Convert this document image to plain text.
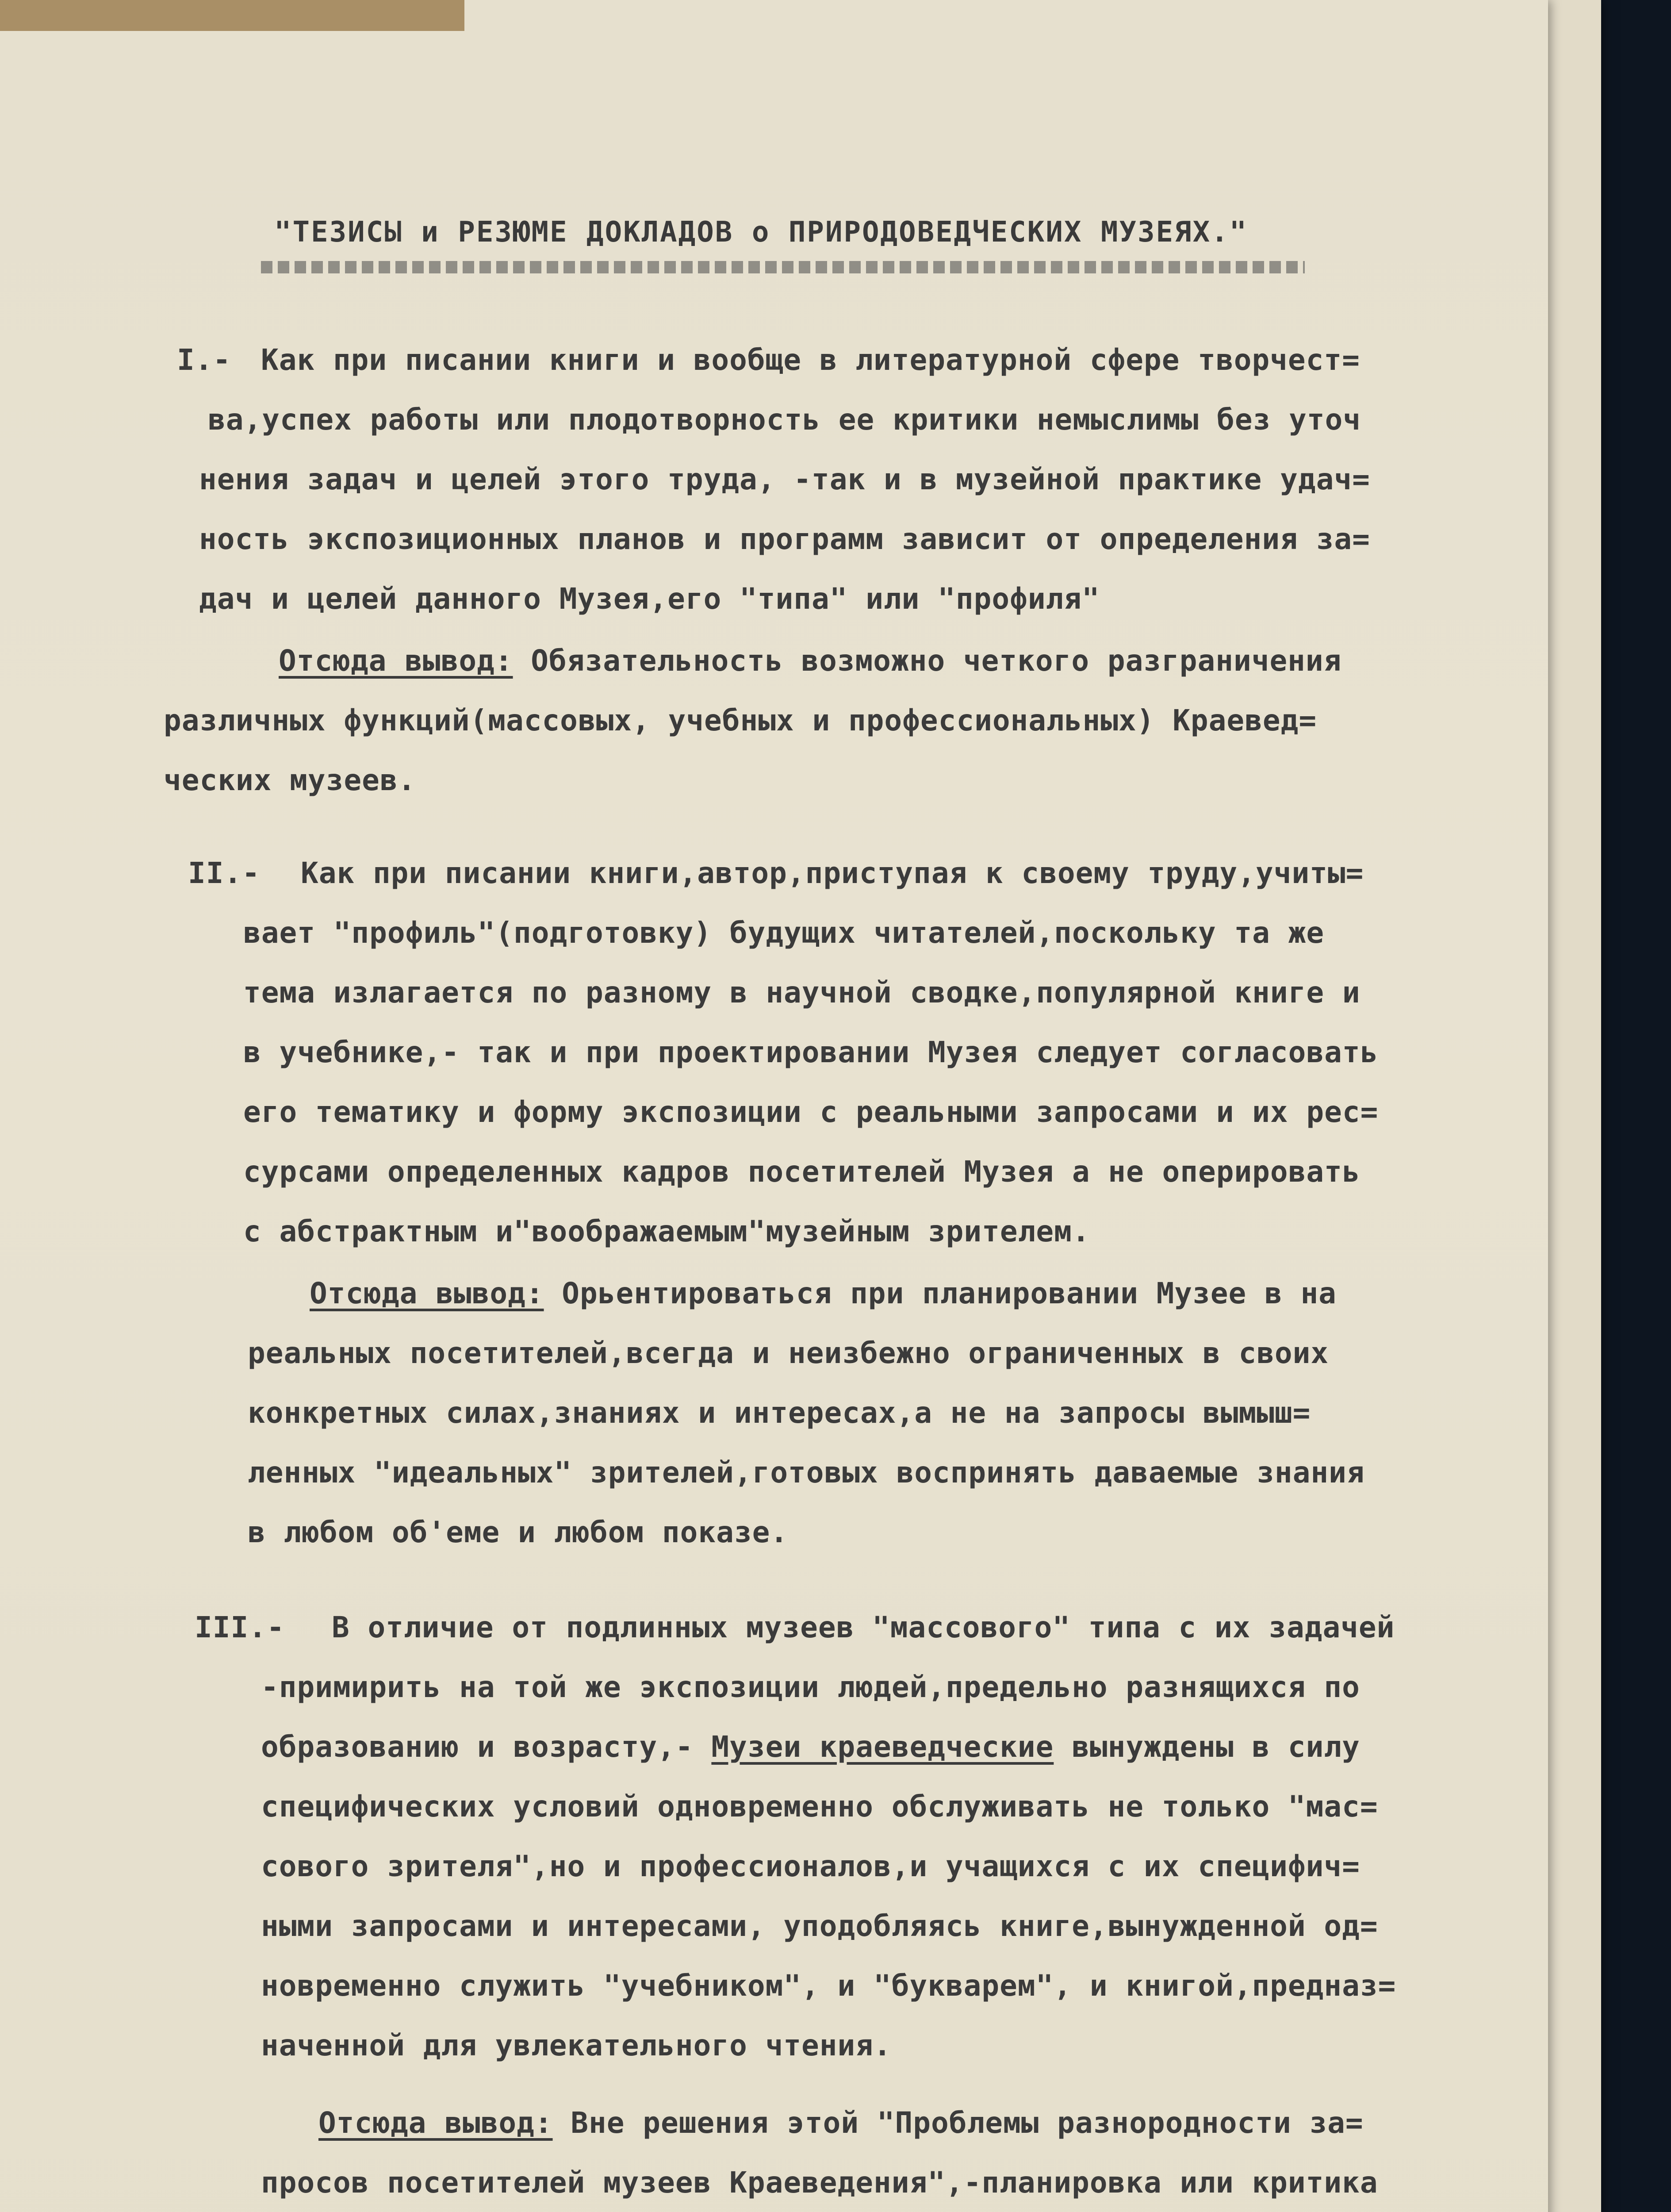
"ТЕЗИСЫ и РЕЗЮМЕ ДОКЛАДОВ о ПРИРОДОВЕДЧЕСКИХ МУЗЕЯХ."
I.- Как при писании книги и вообще в литературной сфере творчест=
ва,успех работы или плодотворность ее критики немыслимы без уточ
нения задач и целей этого труда, -так и в музейной практике удач=
ность экспозиционных планов и программ зависит от определения за=
дач и целей данного Музея,его "типа" или "профиля"
Отсюда вывод: Обязательность возможно четкого разграничения
различных функций(массовых, учебных и профессиональных) Краевед=
ческих музеев.
II.- Как при писании книги,автор,приступая к своему труду,учиты=
вает "профиль"(подготовку) будущих читателей,поскольку та же
тема излагается по разному в научной сводке,популярной книге и
в учебнике,- так и при проектировании Музея следует согласовать
его тематику и форму экспозиции с реальными запросами и их рес=
сурсами определенных кадров посетителей Музея а не оперировать
с абстрактным и"воображаемым"музейным зрителем.
Отсюда вывод: Орьентироваться при планировании Музее в на
реальных посетителей,всегда и неизбежно ограниченных в своих
конкретных силах,знаниях и интересах,а не на запросы вымыш=
ленных "идеальных" зрителей,готовых воспринять даваемые знания
в любом об'еме и любом показе.
III.- В отличие от подлинных музеев "массового" типа с их задачей
-примирить на той же экспозиции людей,предельно разнящихся по
образованию и возрасту,- Музеи краеведческие вынуждены в силу
специфических условий одновременно обслуживать не только "мас=
сового зрителя",но и профессионалов,и учащихся с их специфич=
ными запросами и интересами, уподобляясь книге,вынужденной од=
новременно служить "учебником", и "букварем", и книгой,предназ=
наченной для увлекательного чтения.
Отсюда вывод: Вне решения этой "Проблемы разнородности за=
просов посетителей музеев Краеведения",-планировка или критика
